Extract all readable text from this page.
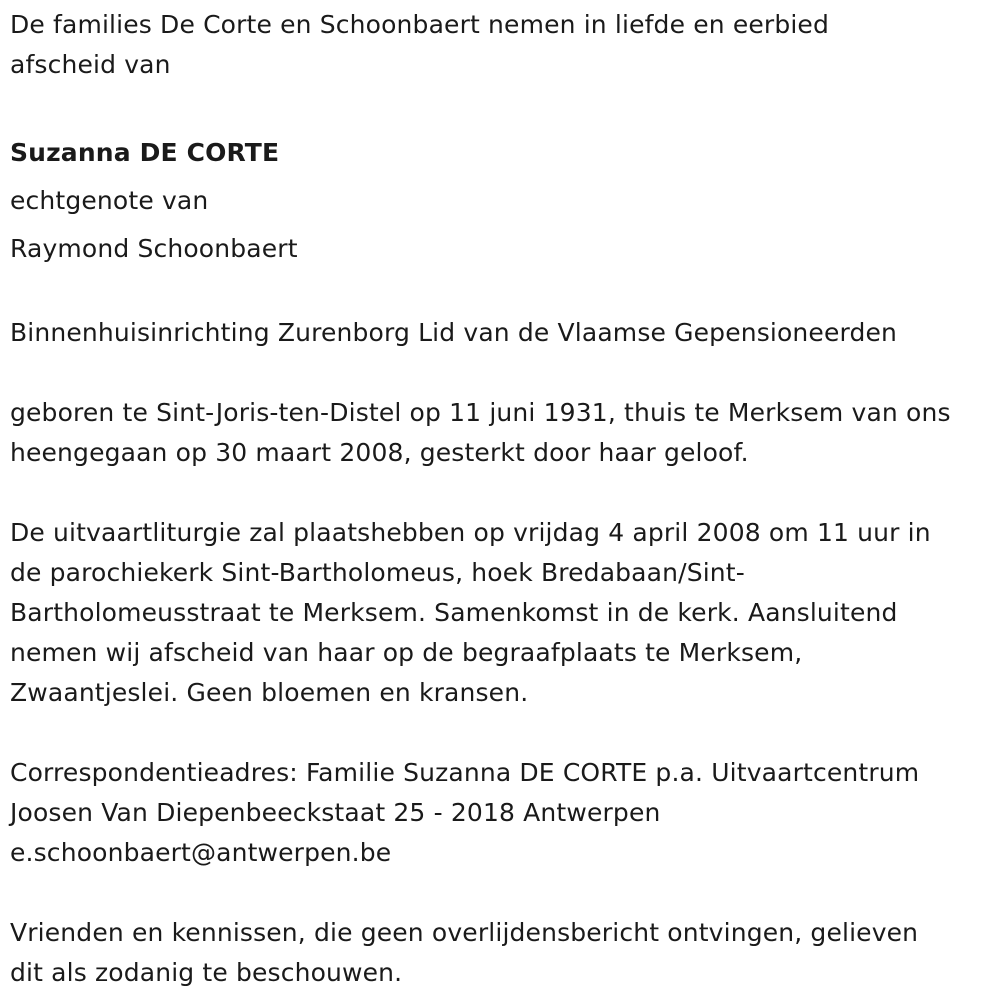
De families De Corte en Schoonbaert nemen in liefde en eerbied

afscheid van

Suzanna DE CORTE

echtgenote van

Raymond Schoonbaert

Binnenhuisinrichting Zurenborg Lid van de Vlaamse Gepensioneerden

geboren te Sint-Joris-ten-Distel op 11 juni 1931, thuis te Merksem van ons

heengegaan op 30 maart 2008, gesterkt door haar geloof.

De uitvaartliturgie zal plaatshebben op vrijdag 4 april 2008 om 11 uur in

de parochiekerk Sint-Bartholomeus, hoek Bredabaan/Sint-

Bartholomeusstraat te Merksem. Samenkomst in de kerk. Aansluitend

nemen wij afscheid van haar op de begraafplaats te Merksem,

Zwaantjeslei. Geen bloemen en kransen.

Correspondentieadres: Familie Suzanna DE CORTE p.a. Uitvaartcentrum

Joosen Van Diepenbeeckstaat 25 - 2018 Antwerpen

e.schoonbaert@antwerpen.be

Vrienden en kennissen, die geen overlijdensbericht ontvingen, gelieven

dit als zodanig te beschouwen.
